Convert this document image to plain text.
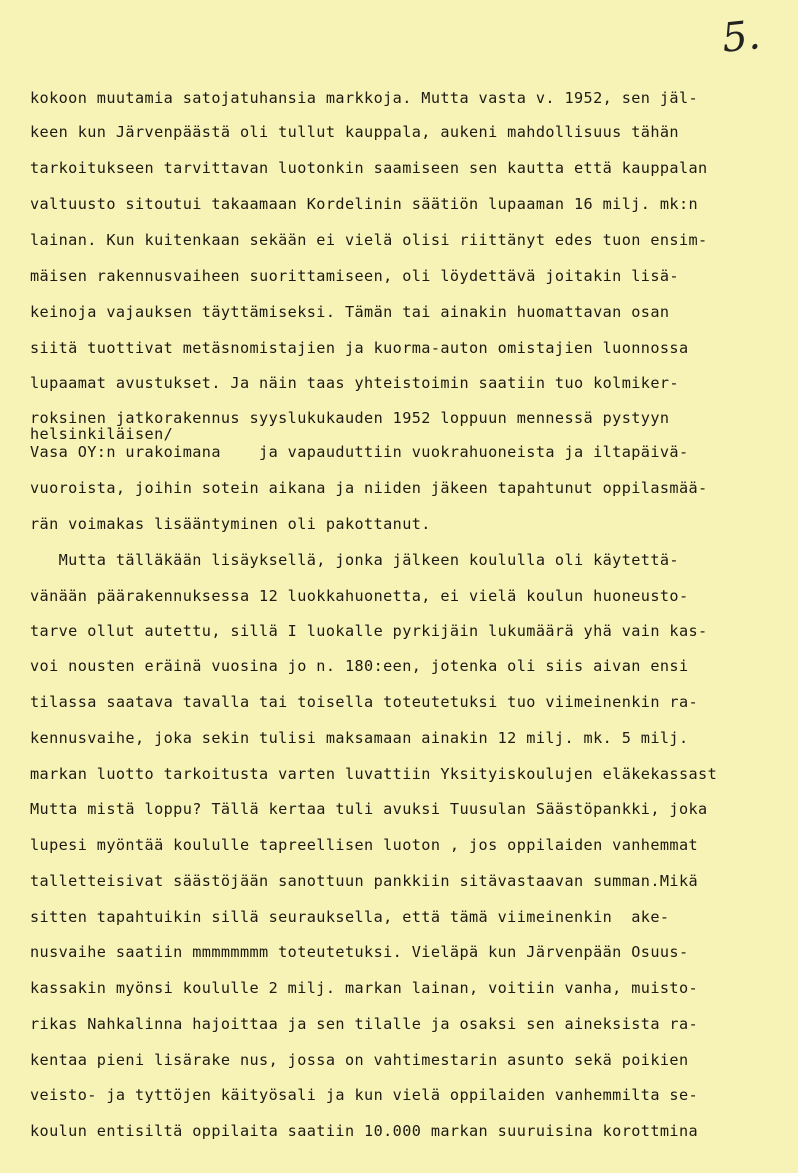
5.

kokoon muutamia satojatuhansia markkoja. Mutta vasta v. 1952, sen jäl-

keen kun Järvenpäästä oli tullut kauppala, aukeni mahdollisuus tähän

tarkoitukseen tarvittavan luotonkin saamiseen sen kautta että kauppalan

valtuusto sitoutui takaamaan Kordelinin säätiön lupaaman 16 milj. mk:n

lainan. Kun kuitenkaan sekään ei vielä olisi riittänyt edes tuon ensim-

mäisen rakennusvaiheen suorittamiseen, oli löydettävä joitakin lisä-

keinoja vajauksen täyttämiseksi. Tämän tai ainakin huomattavan osan

siitä tuottivat metäsnomistajien ja kuorma-auton omistajien luonnossa

lupaamat avustukset. Ja näin taas yhteistoimin saatiin tuo kolmiker-

roksinen jatkorakennus syyslukukauden 1952 loppuun mennessä pystyyn

helsinkiläisen/

Vasa OY:n urakoimana    ja vapauduttiin vuokrahuoneista ja iltapäivä-

vuoroista, joihin sotein aikana ja niiden jäkeen tapahtunut oppilasmää-

rän voimakas lisääntyminen oli pakottanut.

Mutta tälläkään lisäyksellä, jonka jälkeen koululla oli käytettä-

vänään päärakennuksessa 12 luokkahuonetta, ei vielä koulun huoneusto-

tarve ollut autettu, sillä I luokalle pyrkijäin lukumäärä yhä vain kas-

voi nousten eräinä vuosina jo n. 180:een, jotenka oli siis aivan ensi

tilassa saatava tavalla tai toisella toteutetuksi tuo viimeinenkin ra-

kennusvaihe, joka sekin tulisi maksamaan ainakin 12 milj. mk. 5 milj.

markan luotto tarkoitusta varten luvattiin Yksityiskoulujen eläkekassast

Mutta mistä loppu? Tällä kertaa tuli avuksi Tuusulan Säästöpankki, joka

lupesi myöntää koululle tapreellisen luoton , jos oppilaiden vanhemmat

talletteisivat säästöjään sanottuun pankkiin sitävastaavan summan.Mikä

sitten tapahtuikin sillä seurauksella, että tämä viimeinenkin  ake-

nusvaihe saatiin mmmmmmmm toteutetuksi. Vieläpä kun Järvenpään Osuus-

kassakin myönsi koululle 2 milj. markan lainan, voitiin vanha, muisto-

rikas Nahkalinna hajoittaa ja sen tilalle ja osaksi sen aineksista ra-

kentaa pieni lisärake nus, jossa on vahtimestarin asunto sekä poikien

veisto- ja tyttöjen käityösali ja kun vielä oppilaiden vanhemmilta se-

koulun entisiltä oppilaita saatiin 10.000 markan suuruisina korottmina
